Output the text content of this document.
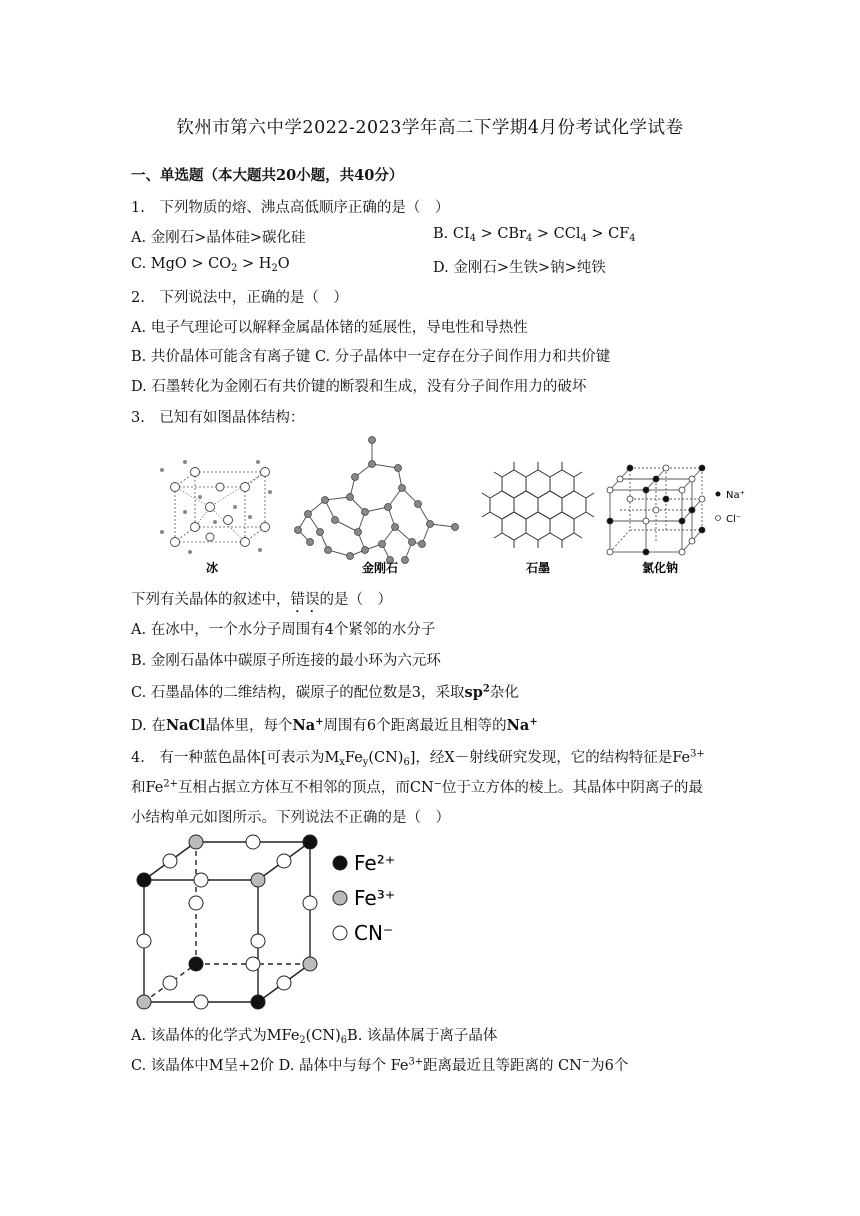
钦州市第六中学2022-2023学年高二下学期4月份考试化学试卷
一、单选题（本大题共20小题，共40分）
1.　下列物质的熔、沸点高低顺序正确的是（　）
A. 金刚石>晶体硅>碳化硅	B. $CI_4 > CBr_4 > CCl_4 > CF_4$
C. MgO > $CO_2 > H_2O$	D. 金刚石>生铁>钠>纯铁
2.　下列说法中，正确的是（　）
A. 电子气理论可以解释金属晶体锗的延展性，导电性和导热性
B. 共价晶体可能含有离子键 C. 分子晶体中一定存在分子间作用力和共价键
D. 石墨转化为金刚石有共价键的断裂和生成，没有分子间作用力的破坏
3.　已知有如图晶体结构：
冰	金刚石	石墨
Na⁺
Cl⁻
氯化钠
下列有关晶体的叙述中，错误的是（　）
A. 在冰中，一个水分子周围有4个紧邻的水分子
B. 金刚石晶体中碳原子所连接的最小环为六元环
C. 石墨晶体的二维结构，碳原子的配位数是3，采取$sp^2$杂化
D. 在NaCl晶体里，每个Na+周围有6个距离最近且相等的Na+
4.　有一种蓝色晶体[可表示为$M_xFe_y(CN)_6$]，经X－射线研究发现，它的结构特征是$Fe^{3+}$
和$Fe^{2+}$互相占据立方体互不相邻的顶点，而CN−位于立方体的棱上。其晶体中阴离子的最
小结构单元如图所示。下列说法不正确的是（　）
Fe²⁺
Fe³⁺
CN⁻
A. 该晶体的化学式为$MFe_2(CN)_6B$. 该晶体属于离子晶体
C. 该晶体中M呈+2价 D. 晶体中与每个 $Fe^{3+}$距离最近且等距离的 CN−为6个
